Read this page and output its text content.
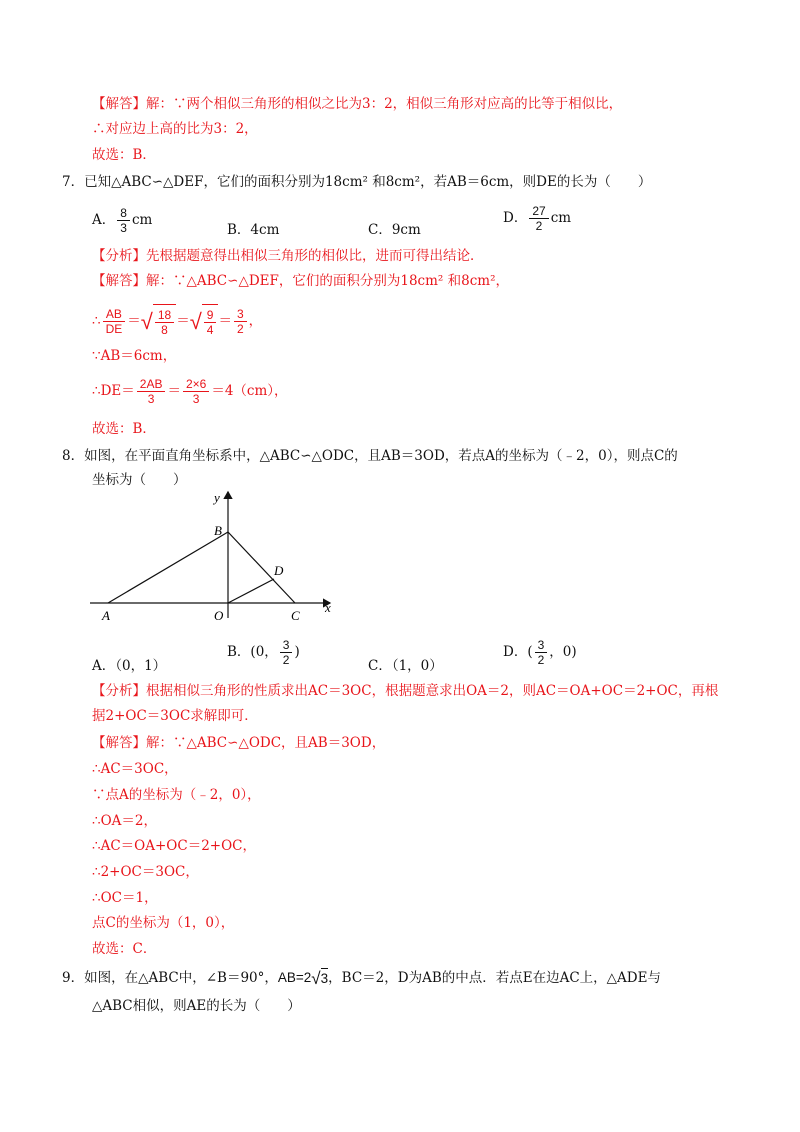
【解答】解：∵两个相似三角形的相似之比为3：2，相似三角形对应高的比等于相似比，
∴对应边上高的比为3：2，
故选：B．
7．已知△ABC∽△DEF，它们的面积分别为18cm² 和8cm²，若AB＝6cm，则DE的长为（　　）
A． $\frac{8}{3}$ cm
B．4cm	C．9cm
D． $\frac{27}{2}$ cm
【分析】先根据题意得出相似三角形的相似比，进而可得出结论．
【解答】解：∵△ABC∽△DEF，它们的面积分别为18cm² 和8cm²，
∴ $\frac{AB}{DE}$ ＝ √ $\frac{18}{8}$ ＝ √ $\frac{9}{4} = \frac{3}{2}$ ，
∵AB＝6cm，
∴DE＝ $\frac{2AB}{3} = \frac{2\times 6}{3} =4(cm)$，
故选：B．
8．如图，在平面直角坐标系中，△ABC∽△ODC，且AB＝3OD，若点A的坐标为（﹣2，0），则点C的
坐标为（　　）
y
x
A
B
C
D
O
A．（0，1）
B．(0， $\frac{3}{2}$ )
C．（1，0）
D．( $\frac{3}{2}$ ，0)
【分析】根据相似三角形的性质求出AC＝3OC，根据题意求出OA＝2，则AC＝OA+OC＝2+OC，再根
据2+OC＝3OC求解即可．
【解答】解：∵△ABC∽△ODC，且AB＝3OD，
∴AC＝3OC，
∵点A的坐标为（﹣2，0），
∴OA＝2，
∴AC＝OA+OC＝2+OC，
∴2+OC＝3OC，
∴OC＝1，
点C的坐标为（1，0），
故选：C．
9．如图，在△ABC中，∠B＝90°，AB=2 √ 3 ，BC＝2，D为AB的中点．若点E在边AC上，△ADE与
△ABC相似，则AE的长为（　　）
